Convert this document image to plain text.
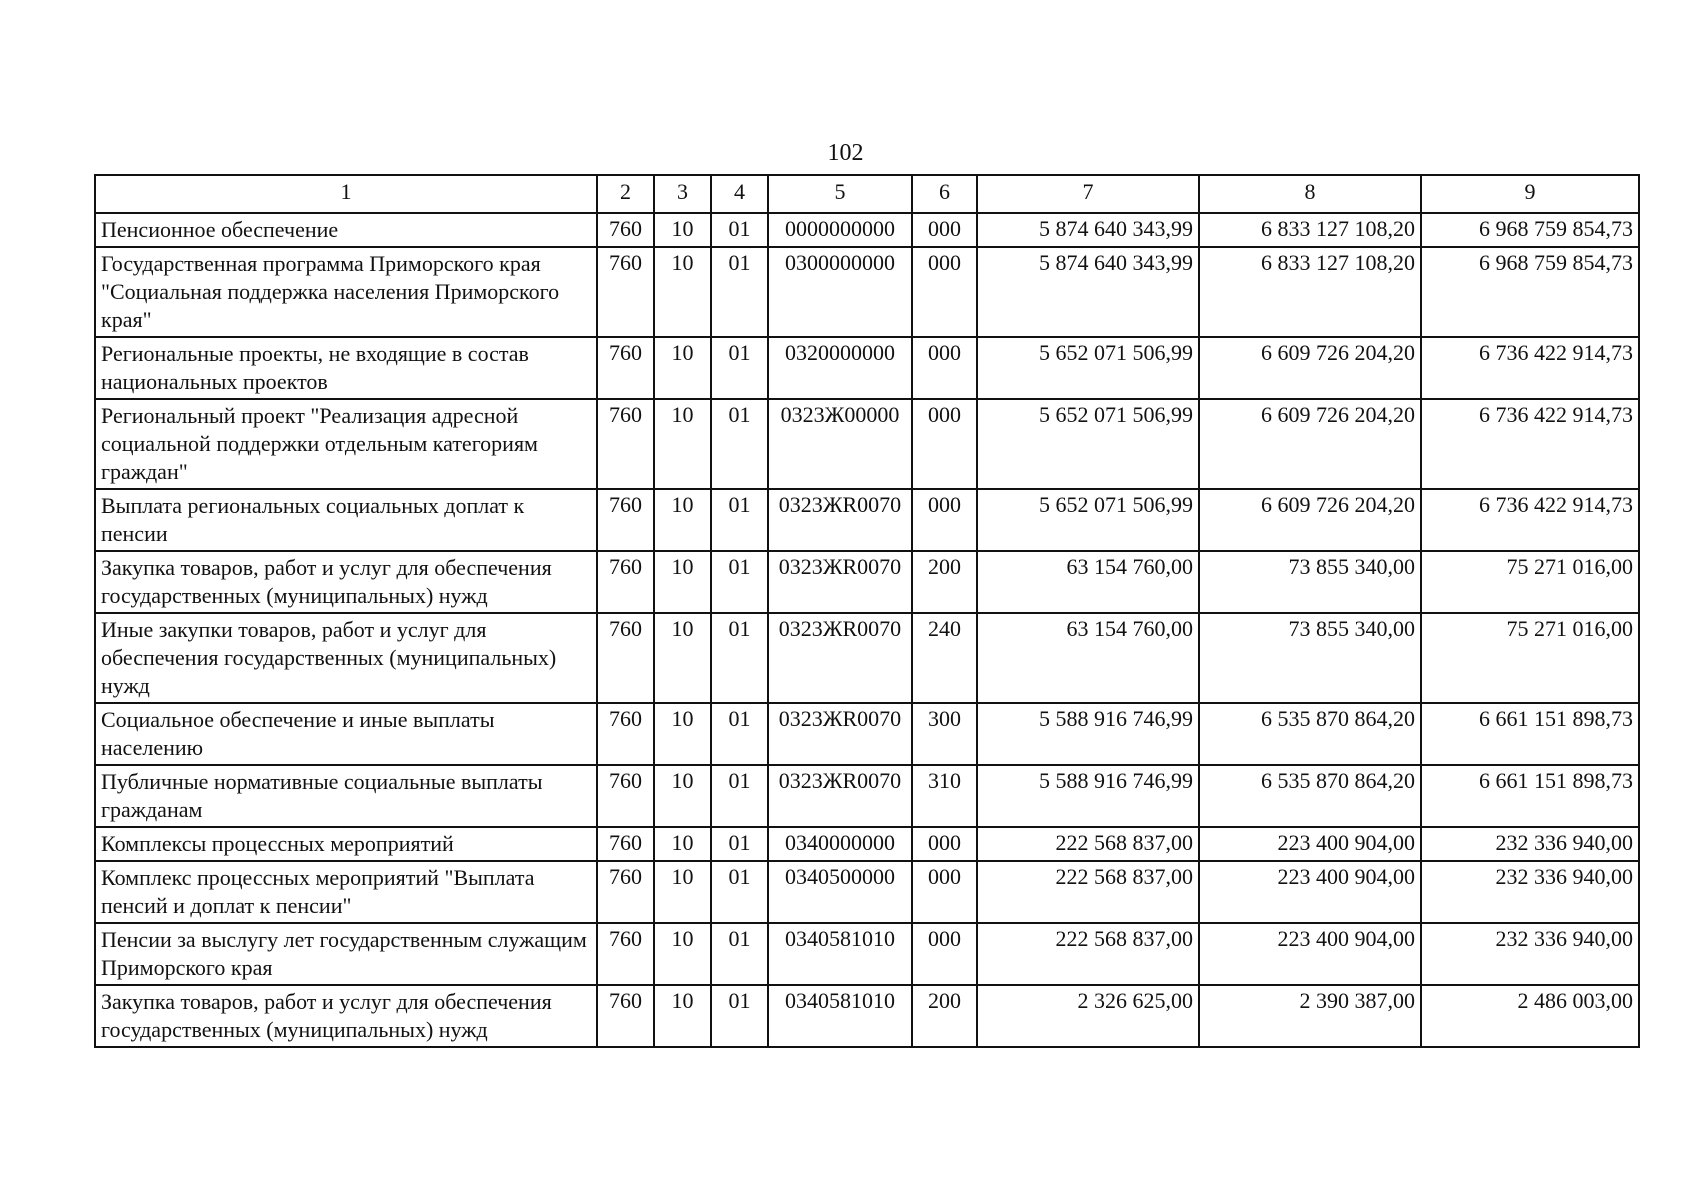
102
1	2	3	4	5	6	7	8	9
Пенсионное обеспечение	760	10	01	0000000000	000	5 874 640 343,99	6 833 127 108,20	6 968 759 854,73
Государственная программа Приморского края "Социальная поддержка населения Приморского края"	760	10	01	0300000000	000	5 874 640 343,99	6 833 127 108,20	6 968 759 854,73
Региональные проекты, не входящие в состав национальных проектов	760	10	01	0320000000	000	5 652 071 506,99	6 609 726 204,20	6 736 422 914,73
Региональный проект "Реализация адресной социальной поддержки отдельным категориям граждан"	760	10	01	0323Ж00000	000	5 652 071 506,99	6 609 726 204,20	6 736 422 914,73
Выплата региональных социальных доплат к пенсии	760	10	01	0323ЖR0070	000	5 652 071 506,99	6 609 726 204,20	6 736 422 914,73
Закупка товаров, работ и услуг для обеспечения государственных (муниципальных) нужд	760	10	01	0323ЖR0070	200	63 154 760,00	73 855 340,00	75 271 016,00
Иные закупки товаров, работ и услуг для обеспечения государственных (муниципальных) нужд	760	10	01	0323ЖR0070	240	63 154 760,00	73 855 340,00	75 271 016,00
Социальное обеспечение и иные выплаты населению	760	10	01	0323ЖR0070	300	5 588 916 746,99	6 535 870 864,20	6 661 151 898,73
Публичные нормативные социальные выплаты гражданам	760	10	01	0323ЖR0070	310	5 588 916 746,99	6 535 870 864,20	6 661 151 898,73
Комплексы процессных мероприятий	760	10	01	0340000000	000	222 568 837,00	223 400 904,00	232 336 940,00
Комплекс процессных мероприятий "Выплата пенсий и доплат к пенсии"	760	10	01	0340500000	000	222 568 837,00	223 400 904,00	232 336 940,00
Пенсии за выслугу лет государственным служащим Приморского края	760	10	01	0340581010	000	222 568 837,00	223 400 904,00	232 336 940,00
Закупка товаров, работ и услуг для обеспечения государственных (муниципальных) нужд	760	10	01	0340581010	200	2 326 625,00	2 390 387,00	2 486 003,00
